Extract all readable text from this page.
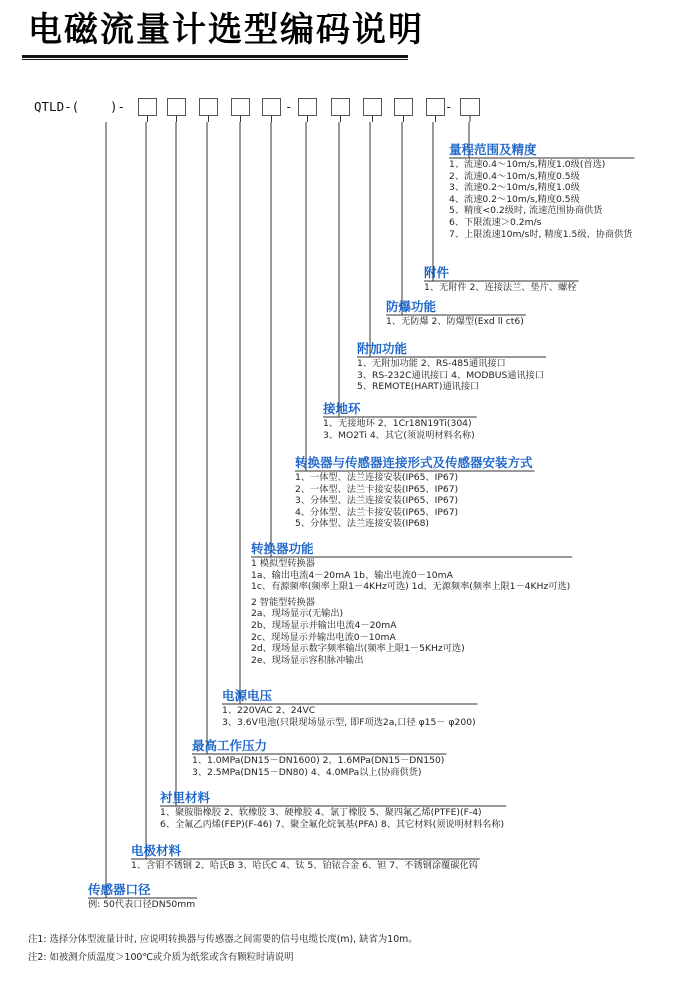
电磁流量计选型编码说明
QTLD-( )-	-	-
量程范围及精度
1、流速0.4～10m/s,精度1.0级(首选)
2、流速0.4～10m/s,精度0.5级
3、流速0.2～10m/s,精度1.0级
4、流速0.2～10m/s,精度0.5级
5、精度<0.2级时, 流速范围协商供货
6、下限流速＞0.2m/s
7、上限流速10m/s时, 精度1.5级、协商供货
附件
1、无附件 2、连接法兰、垫片、螺栓
防爆功能
1、无防爆 2、防爆型(Exd ll ct6)
附加功能
1、无附加功能 2、RS-485通讯接口
3、RS-232C通讯接口 4、MODBUS通讯接口
5、REMOTE(HART)通讯接口
接地环
1、无接地环 2、1Cr18N19Ti(304)
3、MO2Ti 4、其它(须说明材料名称)
转换器与传感器连接形式及传感器安装方式
1、一体型、法兰连接安装(IP65、IP67)
2、一体型、法兰卡接安装(IP65、IP67)
3、分体型、法兰连接安装(IP65、IP67)
4、分体型、法兰卡接安装(IP65、IP67)
5、分体型、法兰连接安装(IP68)
转换器功能
1 模拟型转换器
1a、输出电流4－20mA 1b、输出电流0－10mA
1c、有源频率(频率上限1－4KHz可选) 1d、无源频率(频率上限1－4KHz可选)
2 智能型转换器
2a、现场显示(无输出)
2b、现场显示并输出电流4－20mA
2c、现场显示并输出电流0－10mA
2d、现场显示数字频率输出(频率上限1－5KHz可选)
2e、现场显示容积脉冲输出
电源电压
1、220VAC 2、24VC
3、3.6V电池(只限现场显示型, 即F项选2a,口径 φ15－ φ200)
最高工作压力
1、1.0MPa(DN15－DN1600) 2、1.6MPa(DN15－DN150)
3、2.5MPa(DN15－DN80) 4、4.0MPa以上(协商供货)
衬里材料
1、聚胺脂橡胶 2、软橡胶 3、硬橡胶 4、氯丁橡胶 5、聚四氟乙烯(PTFE)(F-4)
6、全氟乙丙烯(FEP)(F-46) 7、聚全氟化烷氧基(PFA) 8、其它材料(须说明材料名称)
电极材料
1、含钼不锈钢 2、哈氏B 3、哈氏C 4、钛 5、铂铱合金 6、钽 7、不锈钢涂覆碳化钨
传感器口径
例: 50代表口径DN50mm
注1: 选择分体型流量计时, 应说明转换器与传感器之间需要的信号电缆长度(m), 缺省为10m。
注2: 如被测介质温度＞100℃或介质为纸浆或含有颗粒时请说明
